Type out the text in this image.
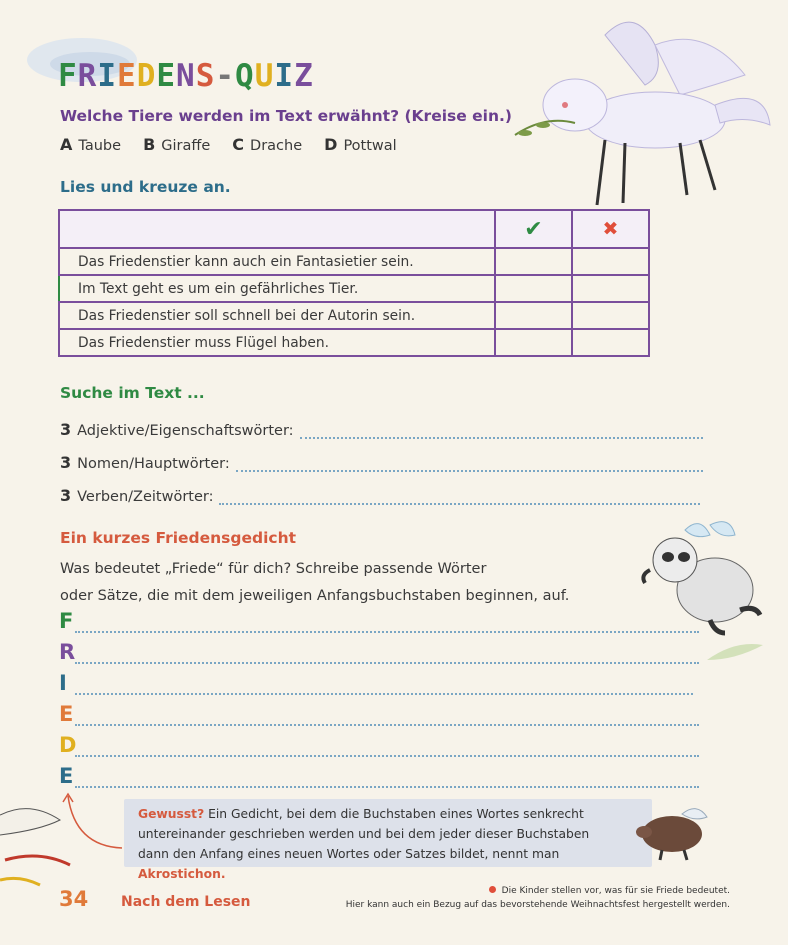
F R I E D E N S - Q U I Z
Welche Tiere werden im Text erwähnt? (Kreise ein.)
A Taube B Giraffe C Drache D Pottwal
Lies und kreuze an.
	✔	✖
Das Friedenstier kann auch ein Fantasietier sein.		
Im Text geht es um ein gefährliches Tier.		
Das Friedenstier soll schnell bei der Autorin sein.		
Das Friedenstier muss Flügel haben.		
Suche im Text ...
3 Adjektive/Eigenschaftswörter:
3 Nomen/Hauptwörter:
3 Verben/Zeitwörter:
Ein kurzes Friedensgedicht
Was bedeutet „Friede“ für dich? Schreibe passende Wörter
oder Sätze, die mit dem jeweiligen Anfangsbuchstaben beginnen, auf.
F
R
I
E
D
E
Gewusst? Ein Gedicht, bei dem die Buchstaben eines Wortes senkrecht
untereinander geschrieben werden und bei dem jeder dieser Buchstaben
dann den Anfang eines neuen Wortes oder Satzes bildet, nennt man Akrostichon.
34 Nach dem Lesen
Die Kinder stellen vor, was für sie Friede bedeutet.
Hier kann auch ein Bezug auf das bevorstehende Weihnachtsfest hergestellt werden.
